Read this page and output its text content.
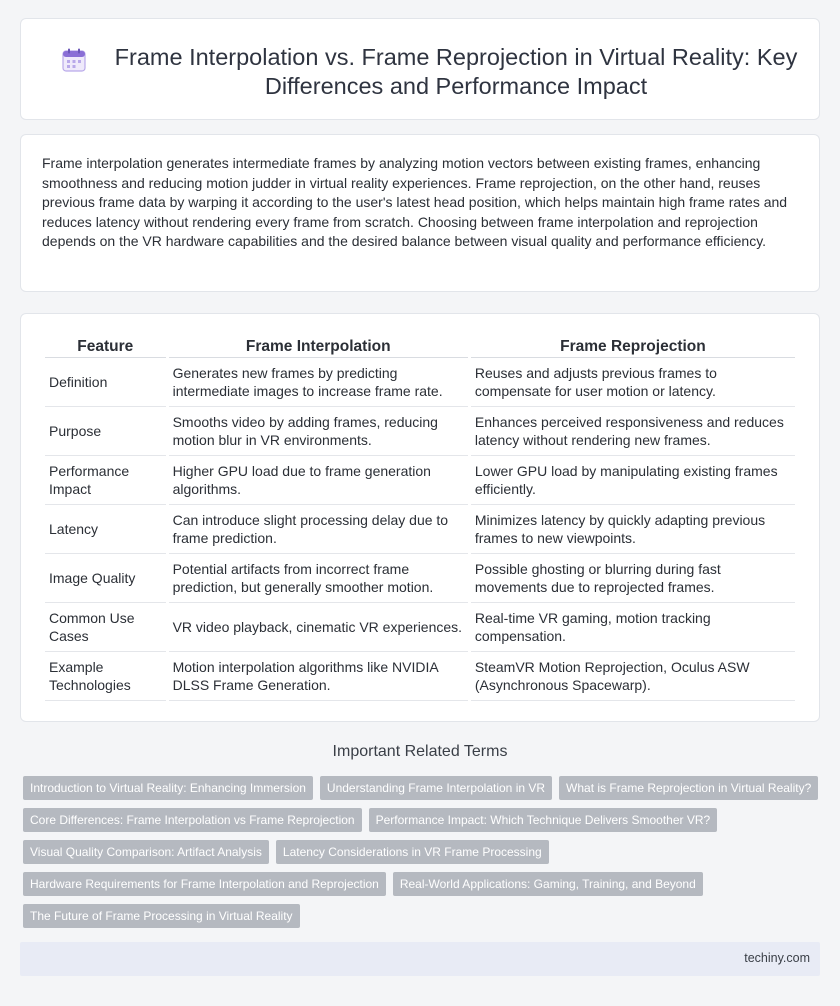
Frame Interpolation vs. Frame Reprojection in Virtual Reality: Key Differences and Performance Impact

Frame interpolation generates intermediate frames by analyzing motion vectors between existing frames, enhancing smoothness and reducing motion judder in virtual reality experiences. Frame reprojection, on the other hand, reuses previous frame data by warping it according to the user's latest head position, which helps maintain high frame rates and reduces latency without rendering every frame from scratch. Choosing between frame interpolation and reprojection depends on the VR hardware capabilities and the desired balance between visual quality and performance efficiency.

Feature	Frame Interpolation	Frame Reprojection
Definition	Generates new frames by predicting intermediate images to increase frame rate.	Reuses and adjusts previous frames to compensate for user motion or latency.
Purpose	Smooths video by adding frames, reducing motion blur in VR environments.	Enhances perceived responsiveness and reduces latency without rendering new frames.
Performance Impact	Higher GPU load due to frame generation algorithms.	Lower GPU load by manipulating existing frames efficiently.
Latency	Can introduce slight processing delay due to frame prediction.	Minimizes latency by quickly adapting previous frames to new viewpoints.
Image Quality	Potential artifacts from incorrect frame prediction, but generally smoother motion.	Possible ghosting or blurring during fast movements due to reprojected frames.
Common Use Cases	VR video playback, cinematic VR experiences.	Real-time VR gaming, motion tracking compensation.
Example Technologies	Motion interpolation algorithms like NVIDIA DLSS Frame Generation.	SteamVR Motion Reprojection, Oculus ASW (Asynchronous Spacewarp).
Important Related Terms
Introduction to Virtual Reality: Enhancing Immersion	Understanding Frame Interpolation in VR	What is Frame Reprojection in Virtual Reality?
Core Differences: Frame Interpolation vs Frame Reprojection	Performance Impact: Which Technique Delivers Smoother VR?
Visual Quality Comparison: Artifact Analysis	Latency Considerations in VR Frame Processing
Hardware Requirements for Frame Interpolation and Reprojection	Real-World Applications: Gaming, Training, and Beyond
The Future of Frame Processing in Virtual Reality
techiny.com
